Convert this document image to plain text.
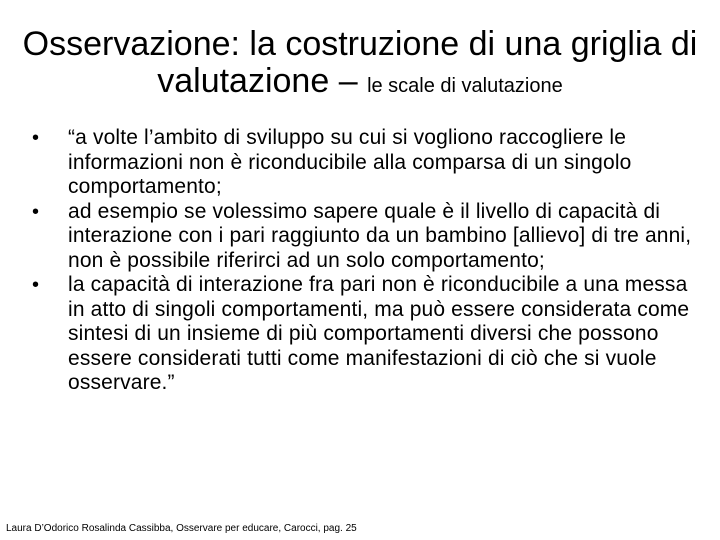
Osservazione: la costruzione di una griglia di valutazione – le scale di valutazione
•	“a volte l’ambito di sviluppo su cui si vogliono raccogliere le informazioni non è riconducibile alla comparsa di un singolo comportamento;
•	ad esempio se volessimo sapere quale è il livello di capacità di interazione con i pari raggiunto da un bambino [allievo] di tre anni, non è possibile riferirci ad un solo comportamento;
•	la capacità di interazione fra pari non è riconducibile a una messa in atto di singoli comportamenti, ma può essere considerata come sintesi di un insieme di più comportamenti diversi che possono essere considerati tutti come manifestazioni di ciò che si vuole osservare.”
Laura D’Odorico Rosalinda Cassibba, Osservare per educare, Carocci, pag. 25
